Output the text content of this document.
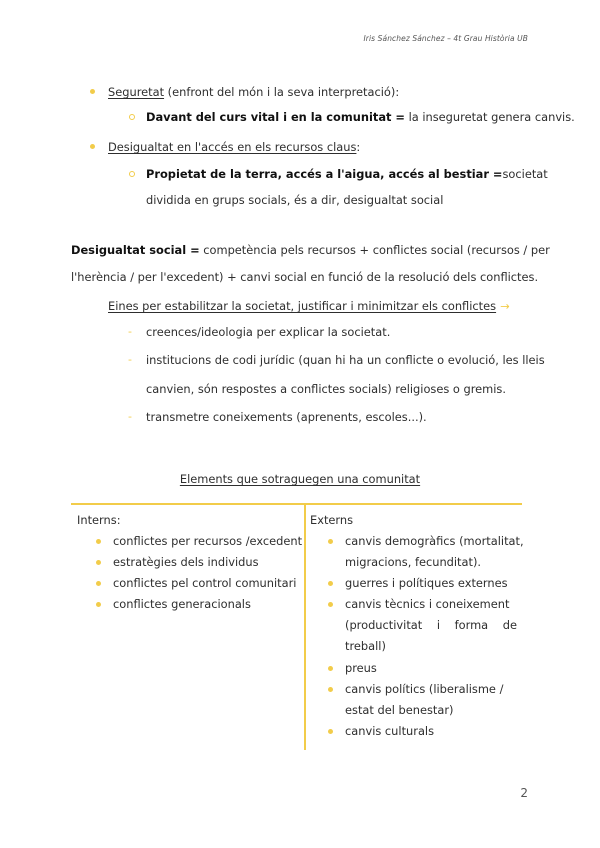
Iris Sánchez Sánchez – 4t Grau Història UB
Seguretat (enfront del món i la seva interpretació):
Davant del curs vital i en la comunitat = la inseguretat genera canvis.
Desigualtat en l'accés en els recursos claus:
Propietat de la terra, accés a l'aigua, accés al bestiar = societat
dividida en grups socials, és a dir, desigualtat social
Desigualtat social = competència pels recursos + conflictes social (recursos / per
l'herència / per l'excedent) + canvi social en funció de la resolució dels conflictes.
Eines per estabilitzar la societat, justificar i minimitzar els conflictes →
- creences/ideologia per explicar la societat.
- institucions de codi jurídic (quan hi ha un conflicte o evolució, les lleis
canvien, són respostes a conflictes socials) religioses o gremis.
- transmetre coneixements (aprenents, escoles...).
Elements que sotraguegen una comunitat
Interns:
conflictes per recursos /excedent
estratègies dels individus
conflictes pel control comunitari
conflictes generacionals
Externs
canvis demogràfics (mortalitat,
migracions, fecunditat).
guerres i polítiques externes
canvis tècnics i coneixement
(productivitat i forma de
treball)
preus
canvis polítics (liberalisme /
estat del benestar)
canvis culturals
2
